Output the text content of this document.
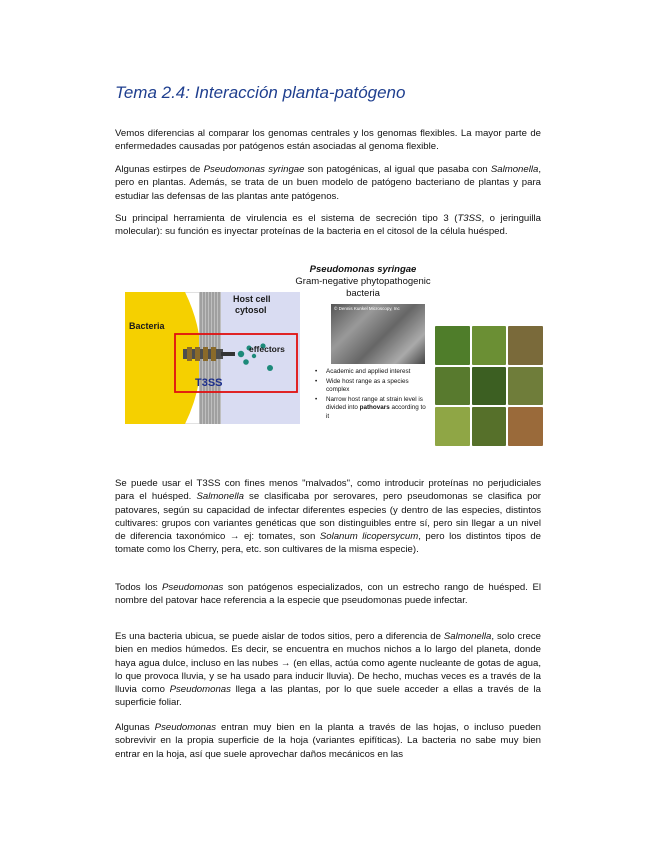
Tema 2.4: Interacción planta-patógeno

Vemos diferencias al comparar los genomas centrales y los genomas flexibles. La mayor parte de enfermedades causadas por patógenos están asociadas al genoma flexible.

Algunas estirpes de Pseudomonas syringae son patogénicas, al igual que pasaba con Salmonella, pero en plantas. Además, se trata de un buen modelo de patógeno bacteriano de plantas y para estudiar las defensas de las plantas ante patógenos.

Su principal herramienta de virulencia es el sistema de secreción tipo 3 (T3SS, o jeringuilla molecular): su función es inyectar proteínas de la bacteria en el citosol de la célula huésped.

Bacteria
Host cell
cytosol
effectors
T3SS
Pseudomonas syringae
Gram-negative phytopathogenic
bacteria
© Dennis Kunkel Microscopy, Inc
• Academic and applied interest
• Wide host range as a species complex
• Narrow host range at strain level is divided into pathovars according to it

Se puede usar el T3SS con fines menos "malvados", como introducir proteínas no perjudiciales para el huésped. Salmonella se clasificaba por serovares, pero pseudomonas se clasifica por patovares, según su capacidad de infectar diferentes especies (y dentro de las especies, distintos cultivares: grupos con variantes genéticas que son distinguibles entre sí, pero sin llegar a un nivel de diferencia taxonómico → ej: tomates, son Solanum licopersycum, pero los distintos tipos de tomate como los Cherry, pera, etc. son cultivares de la misma especie).

Todos los Pseudomonas son patógenos especializados, con un estrecho rango de huésped. El nombre del patovar hace referencia a la especie que pseudomonas puede infectar.

Es una bacteria ubicua, se puede aislar de todos sitios, pero a diferencia de Salmonella, solo crece bien en medios húmedos. Es decir, se encuentra en muchos nichos a lo largo del planeta, donde haya agua dulce, incluso en las nubes → (en ellas, actúa como agente nucleante de gotas de agua, lo que provoca lluvia, y se ha usado para inducir lluvia). De hecho, muchas veces es a través de la lluvia como Pseudomonas llega a las plantas, por lo que suele acceder a ellas a través de la superficie foliar.

Algunas Pseudomonas entran muy bien en la planta a través de las hojas, o incluso pueden sobrevivir en la propia superficie de la hoja (variantes epifíticas). La bacteria no sabe muy bien entrar en la hoja, así que suele aprovechar daños mecánicos en las
